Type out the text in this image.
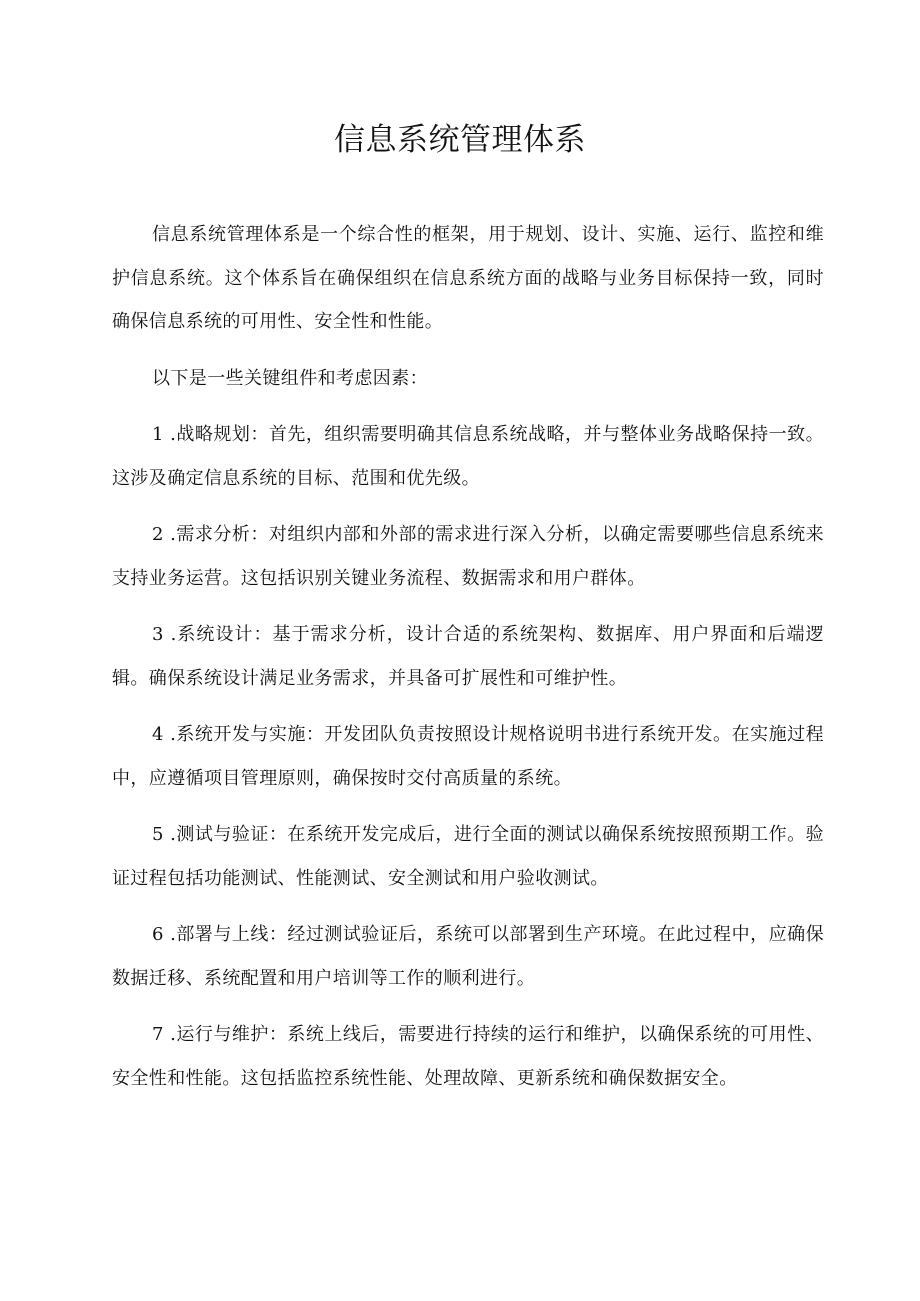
信息系统管理体系

信息系统管理体系是一个综合性的框架，用于规划、设计、实施、运行、监控和维护信息系统。这个体系旨在确保组织在信息系统方面的战略与业务目标保持一致，同时确保信息系统的可用性、安全性和性能。

以下是一些关键组件和考虑因素：

1 .战略规划：首先，组织需要明确其信息系统战略，并与整体业务战略保持一致。这涉及确定信息系统的目标、范围和优先级。

2 .需求分析：对组织内部和外部的需求进行深入分析，以确定需要哪些信息系统来支持业务运营。这包括识别关键业务流程、数据需求和用户群体。

3 .系统设计：基于需求分析，设计合适的系统架构、数据库、用户界面和后端逻辑。确保系统设计满足业务需求，并具备可扩展性和可维护性。

4 .系统开发与实施：开发团队负责按照设计规格说明书进行系统开发。在实施过程中，应遵循项目管理原则，确保按时交付高质量的系统。

5 .测试与验证：在系统开发完成后，进行全面的测试以确保系统按照预期工作。验证过程包括功能测试、性能测试、安全测试和用户验收测试。

6 .部署与上线：经过测试验证后，系统可以部署到生产环境。在此过程中，应确保数据迁移、系统配置和用户培训等工作的顺利进行。

7 .运行与维护：系统上线后，需要进行持续的运行和维护，以确保系统的可用性、安全性和性能。这包括监控系统性能、处理故障、更新系统和确保数据安全。
